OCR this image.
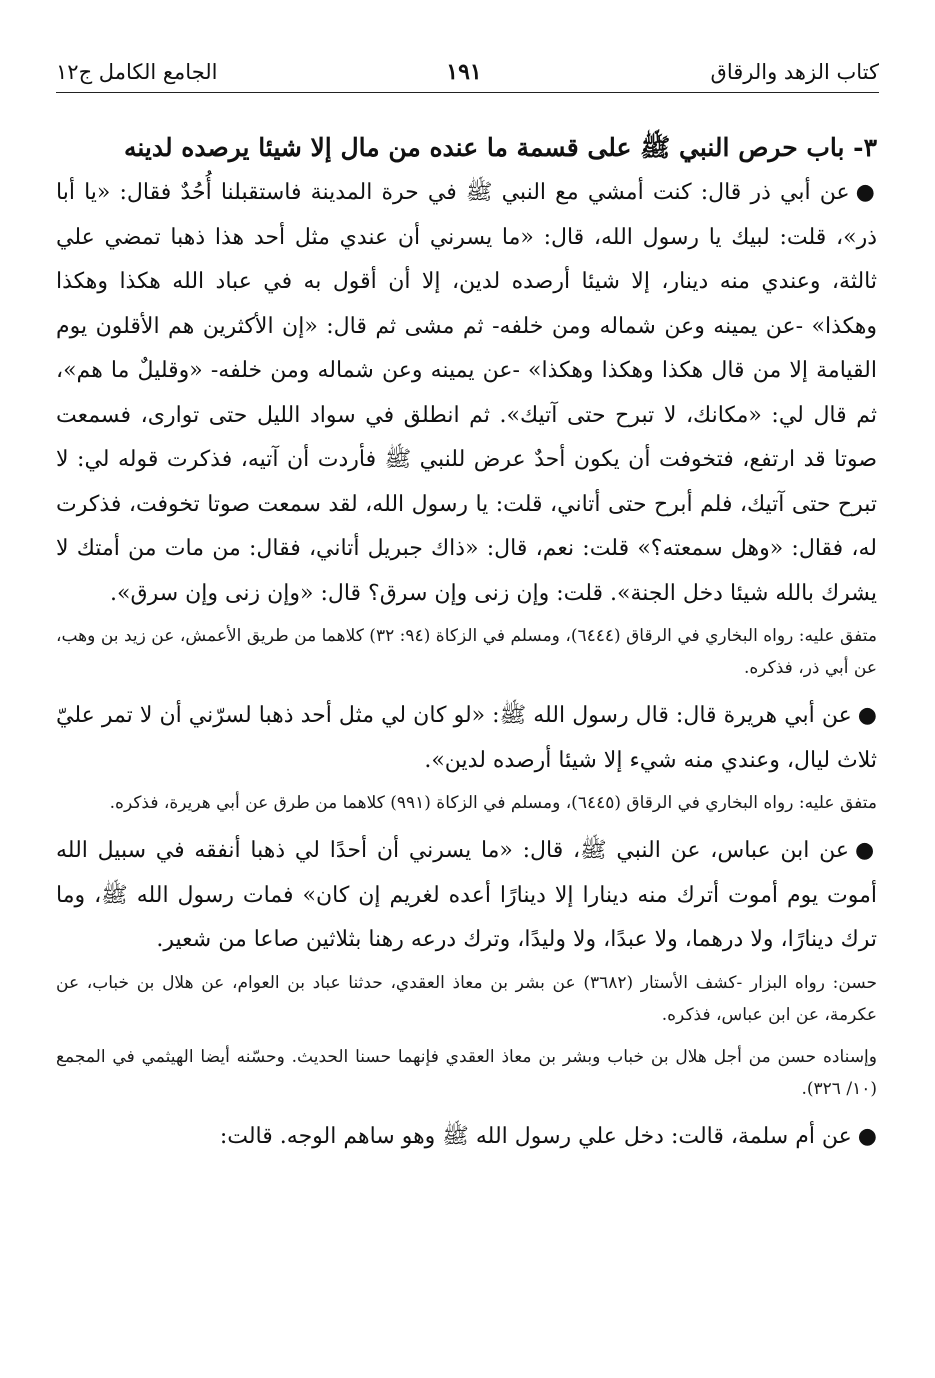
كتاب الزهد والرقاق
١٩١
الجامع الكامل ج١٢
٣- باب حرص النبي ﷺ على قسمة ما عنده من مال إلا شيئا يرصده لدينه

●عن أبي ذر قال: كنت أمشي مع النبي ﷺ في حرة المدينة فاستقبلنا أُحُدٌ فقال: «يا أبا ذر»، قلت: لبيك يا رسول الله، قال: «ما يسرني أن عندي مثل أحد هذا ذهبا تمضي علي ثالثة، وعندي منه دينار، إلا شيئا أرصده لدين، إلا أن أقول به في عباد الله هكذا وهكذا وهكذا» -عن يمينه وعن شماله ومن خلفه- ثم مشى ثم قال: «إن الأكثرين هم الأقلون يوم القيامة إلا من قال هكذا وهكذا وهكذا» -عن يمينه وعن شماله ومن خلفه- «وقليلٌ ما هم»، ثم قال لي: «مكانك، لا تبرح حتى آتيك». ثم انطلق في سواد الليل حتى توارى، فسمعت صوتا قد ارتفع، فتخوفت أن يكون أحدٌ عرض للنبي ﷺ فأردت أن آتيه، فذكرت قوله لي: لا تبرح حتى آتيك، فلم أبرح حتى أتاني، قلت: يا رسول الله، لقد سمعت صوتا تخوفت، فذكرت له، فقال: «وهل سمعته؟» قلت: نعم، قال: «ذاك جبريل أتاني، فقال: من مات من أمتك لا يشرك بالله شيئا دخل الجنة». قلت: وإن زنى وإن سرق؟ قال: «وإن زنى وإن سرق».

متفق عليه: رواه البخاري في الرقاق (٦٤٤٤)، ومسلم في الزكاة (٩٤: ٣٢) كلاهما من طريق الأعمش، عن زيد بن وهب، عن أبي ذر، فذكره.

●عن أبي هريرة قال: قال رسول الله ﷺ: «لو كان لي مثل أحد ذهبا لسرّني أن لا تمر عليّ ثلاث ليال، وعندي منه شيء إلا شيئا أرصده لدين».

متفق عليه: رواه البخاري في الرقاق (٦٤٤٥)، ومسلم في الزكاة (٩٩١) كلاهما من طرق عن أبي هريرة، فذكره.

●عن ابن عباس، عن النبي ﷺ، قال: «ما يسرني أن أحدًا لي ذهبا أنفقه في سبيل الله أموت يوم أموت أترك منه دينارا إلا دينارًا أعده لغريم إن كان» فمات رسول الله ﷺ، وما ترك دينارًا، ولا درهما، ولا عبدًا، ولا وليدًا، وترك درعه رهنا بثلاثين صاعا من شعير.

حسن: رواه البزار -كشف الأستار (٣٦٨٢) عن بشر بن معاذ العقدي، حدثنا عباد بن العوام، عن هلال بن خباب، عن عكرمة، عن ابن عباس، فذكره.

وإسناده حسن من أجل هلال بن خباب وبشر بن معاذ العقدي فإنهما حسنا الحديث. وحسّنه أيضا الهيثمي في المجمع (١٠/ ٣٢٦).

●عن أم سلمة، قالت: دخل علي رسول الله ﷺ وهو ساهم الوجه. قالت:
